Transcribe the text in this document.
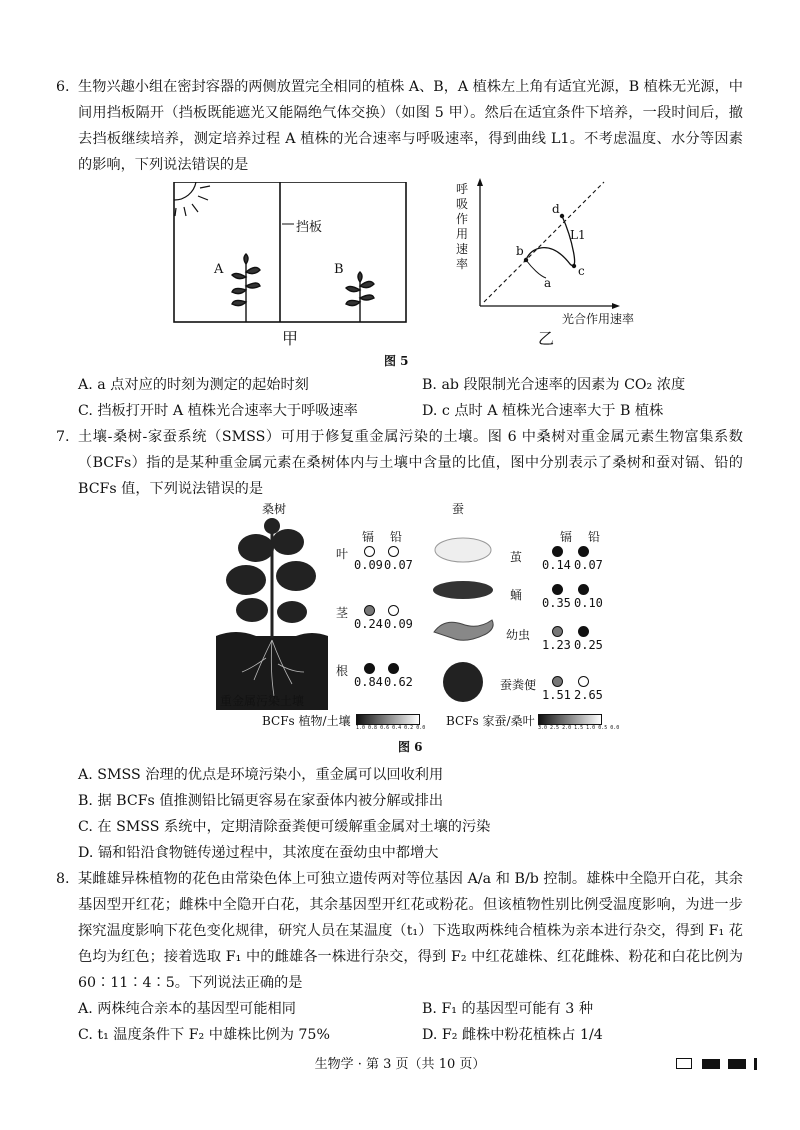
6. 生物兴趣小组在密封容器的两侧放置完全相同的植株 A、B，A 植株左上角有适宜光源，B 植株无光源，中间用挡板隔开（挡板既能遮光又能隔绝气体交换）（如图 5 甲）。然后在适宜条件下培养，一段时间后，撤去挡板继续培养，测定培养过程 A 植株的光合速率与呼吸速率，得到曲线 L1。不考虑温度、水分等因素的影响，下列说法错误的是
挡板
A	B
甲
呼吸作用速率
光合作用速率
L1
a
b
c
d
乙
图 5
A. a 点对应的时刻为测定的起始时刻	B. ab 段限制光合速率的因素为 CO₂ 浓度
C. 挡板打开时 A 植株光合速率大于呼吸速率	D. c 点时 A 植株光合速率大于 B 植株
7. 土壤-桑树-家蚕系统（SMSS）可用于修复重金属污染的土壤。图 6 中桑树对重金属元素生物富集系数（BCFs）指的是某种重金属元素在桑树体内与土壤中含量的比值，图中分别表示了桑树和蚕对镉、铅的 BCFs 值，下列说法错误的是
桑树	蚕
重金属污染土壤
镉 铅
叶
0.09 0.07
茎
0.24 0.09
根
0.84 0.62
镉 铅
茧
0.14 0.07
蛹
0.35 0.10
幼虫
1.23 0.25
蚕粪便
1.51 2.65
BCFs 植物/土壤 1.0 0.8 0.6 0.4 0.2 0.0 BCFs 家蚕/桑叶 3.0 2.5 2.0 1.5 1.0 0.5 0.0
图 6
A. SMSS 治理的优点是环境污染小，重金属可以回收利用
B. 据 BCFs 值推测铅比镉更容易在家蚕体内被分解或排出
C. 在 SMSS 系统中，定期清除蚕粪便可缓解重金属对土壤的污染
D. 镉和铅沿食物链传递过程中，其浓度在蚕幼虫中都增大
8. 某雌雄异株植物的花色由常染色体上可独立遗传两对等位基因 A/a 和 B/b 控制。雄株中全隐开白花，其余基因型开红花；雌株中全隐开白花，其余基因型开红花或粉花。但该植物性别比例受温度影响，为进一步探究温度影响下花色变化规律，研究人员在某温度（t₁）下选取两株纯合植株为亲本进行杂交，得到 F₁ 花色均为红色；接着选取 F₁ 中的雌雄各一株进行杂交，得到 F₂ 中红花雄株、红花雌株、粉花和白花比例为 60∶11∶4∶5。下列说法正确的是
A. 两株纯合亲本的基因型可能相同	B. F₁ 的基因型可能有 3 种
C. t₁ 温度条件下 F₂ 中雄株比例为 75%	D. F₂ 雌株中粉花植株占 1/4
生物学 · 第 3 页（共 10 页）
